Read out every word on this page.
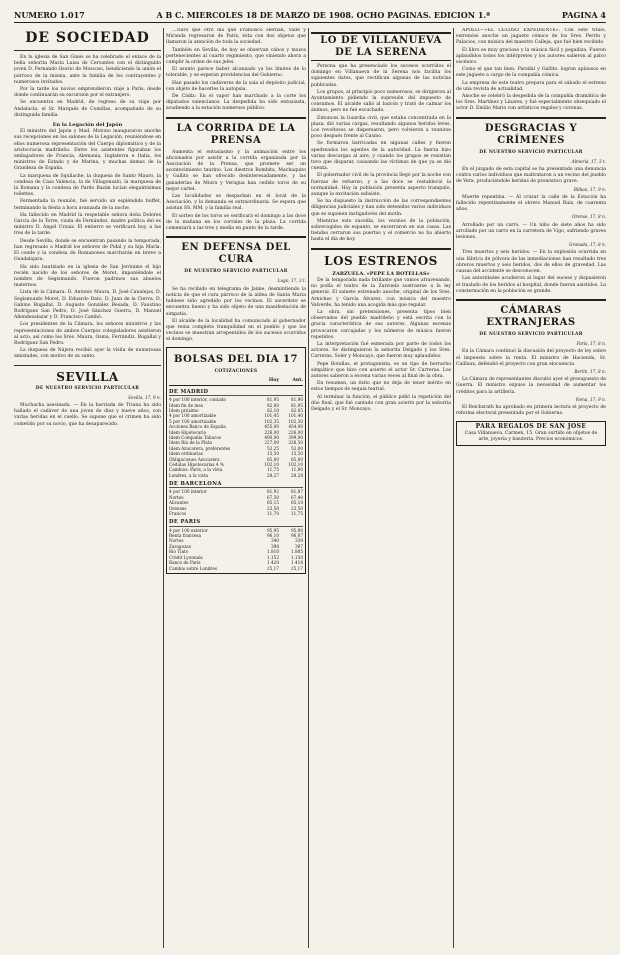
NUMERO 1.017	A B C. MIERCOLES 18 DE MARZO DE 1908. OCHO PAGINAS. EDICION 1.ª	PAGINA 4
DE SOCIEDAD

En la iglesia de San Ginés se ha celebrado el enlace de la bella señorita María Luisa de Cervantes con el distinguido joven D. Fernando Osorio de Moscoso, bendiciendo la unión el párroco de la misma, ante la familia de los contrayentes y numerosos invitados.

Por la tarde los novios emprendieron viaje a París, desde donde continuarán su excursión por el extranjero.

Se encuentra en Madrid, de regreso de su viaje por Andalucía, el Sr. Marqués de Comillas, acompañado de su distinguida familia.

En la Legación del Japón

El ministro del Japón y Mad. Motono inauguraron anoche sus recepciones en los salones de la Legación, reuniéndose en ellos numerosa representación del Cuerpo diplomático y de la aristocracia madrileña. Entre los asistentes figuraban los embajadores de Francia, Alemania, Inglaterra e Italia, los ministros de Estado y de Marina, y muchas damas de la Grandeza de España.

La marquesa de Squilache, la duquesa de Santo Mauro, la condesa de Casa Valencia, la de Villagonzalo, la marquesa de la Romana y la condesa de Pardo Bazán lucían elegantísimas toilettes.

Fermentada la reunión, fué servido un espléndido buffet, terminando la fiesta a hora avanzada de la noche.

Ha fallecido en Madrid la respetable señora doña Dolores García de la Torre, viuda de Fernández, madre política del ex ministro D. Ángel Urzaiz. El entierro se verificará hoy, a las tres de la tarde.

Desde Sevilla, donde se encuentran pasando la temporada, han regresado a Madrid los señores de Pidal y su hija María. El conde y la condesa de Romanones marcharán en breve a Guadalajara.

Ha sido bautizado en la iglesia de San Jerónimo el hijo recién nacido de los señores de Moret, imponiéndole el nombre de Segismundo. Fueron padrinos sus abuelos maternos.

Lista de la Cámara: D. Antonio Maura, D. José Canalejas, D. Segismundo Moret, D. Eduardo Dato, D. Juan de la Cierva, D. Gabino Bugallal, D. Augusto González Besada, D. Faustino Rodríguez San Pedro, D. José Sánchez Guerra, D. Manuel Allendesalazar y D. Francisco Cambó.

Los presidentes de la Cámara, los señores ministros y las representaciones de ambos Cuerpos colegisladores asistieron al acto, así como los Sres. Maura, Osma, Ferrándiz, Bugallal y Rodríguez San Pedro.

La duquesa de Nájera recibió ayer la visita de numerosas amistades, con motivo de su santo.

SEVILLA
DE NUESTRO SERVICIO PARTICULAR
Sevilla, 17, 9 n.

Muchacha asesinada. — En la barriada de Triana ha sido hallado el cadáver de una joven de diez y nueve años, con varias heridas en el cuello. Se supone que el crimen ha sido cometido por su novio, que ha desaparecido.

…claro que otro día que Francisco Hernán, Valle y Miranda regresaron de París, ésta con dos objetos que llamaron la atención de toda la sociedad.

También en Sevilla, de hoy se observan cabos y mozos pertenecientes al cuarto regimiento, que viniendo ahora a cumplir la orden de sus jefes.

El asunto parece haber alcanzado ya los límites de lo tolerable, y se esperan providencias del Gobierno.

Han pasado los cadáveres de la sala al depósito judicial, con objeto de hacerles la autopsia.

De Cádiz: En el vapor han marchado a la corte los diputados valencianos. La despedida ha sido entusiasta, acudiendo a la estación numeroso público.

LA CORRIDA DE LA PRENSA

Aumenta el entusiasmo y la animación entre los aficionados por asistir a la corrida organizada por la Asociación de la Prensa, que promete ser un acontecimiento taurino. Los diestros Bombita, Machaquito y Gallito se han ofrecido desinteresadamente, y las ganaderías de Miura y Veragua han cedido toros de su mejor cartel.

Las localidades se despachan en el local de la Asociación, y la demanda es extraordinaria. Se espera que asistan SS. MM. y la familia real.

El sorteo de los toros se verificará el domingo a las doce de la mañana en los corrales de la plaza. La corrida comenzará a las tres y media en punto de la tarde.

EN DEFENSA DEL CURA
DE NUESTRO SERVICIO PARTICULAR
Lugo, 17, 3 t.

Se ha recibido en telegrama de Jaime, desmintiendo la noticia de que el cura párroco de la aldea de Santa María hubiese sido agredido por los vecinos. El sacerdote se encuentra bueno y ha sido objeto de una manifestación de simpatía.

El alcalde de la localidad ha comunicado al gobernador que reina completa tranquilidad en el pueblo y que los vecinos se muestran arrepentidos de los sucesos ocurridos el domingo.

BOLSAS DEL DIA 17
COTIZACIONES
Hoy	Ant.
DE MADRID
4 por 100 interior, contado	81,95	81,90
Idem fin de mes	82,00	81,95
Idem próximo	82,10	82,05
4 por 100 amortizable	101,45	101,40
5 por 100 amortizable	102,35	102,30
Acciones Banco de España	455,00	454,00
Idem Hipotecario	226,00	226,00
Idem Compañía Tabacos	400,00	399,00
Idem Río de la Plata	227,00	226,50
Idem Azucarera, preferentes	52,25	52,00
Idem ordinarias	15,50	15,50
Obligaciones Azucarera	85,00	85,00
Cédulas Hipotecarias 4 %	102,10	102,10
Cambios: París, a la vista	11,75	11,80
Londres, a la vista	28,27	28,28
DE BARCELONA
4 por 100 interior	81,92	81,87
Nortes	67,50	67,40
Alicantes	85,15	85,10
Orenses	23,50	23,50
Francos	11,70	11,75
DE PARIS
4 por 100 exterior	95,95	95,90
Renta francesa	96,10	96,07
Nortes	340	339
Zaragozas	398	397
Río Tinto	1.810	1.805
Crédit Lyonnais	1.152	1.150
Banco de París	1.420	1.418
Cambio sobre Londres	25,17	25,17
LO DE VILLANUEVA DE LA SERENA

Persona que ha presenciado los sucesos ocurridos el domingo en Villanueva de la Serena nos facilita los siguientes datos, que rectifican algunas de las noticias publicadas.

Los grupos, al principio poco numerosos, se dirigieron al Ayuntamiento pidiendo la supresión del impuesto de consumos. El alcalde salió al balcón y trató de calmar los ánimos, pero no fué escuchado.

Entonces la Guardia civil, que estaba concentrada en la plaza, dió varias cargas, resultando algunos heridos leves. Los revoltosos se dispersaron, pero volvieron a reunirse poco después frente al Casino.

Se formaron barricadas en algunas calles y fueron apedreados los agentes de la autoridad. La fuerza hizo varias descargas al aire, y cuando los grupos se resistían tuvo que disparar, causando las víctimas de que ya se dió cuenta.

El gobernador civil de la provincia llegó por la noche con fuerzas de refuerzo, y a las doce se restableció la normalidad. Hoy la población presenta aspecto tranquilo, aunque la excitación subsiste.

Se ha dispuesto la instrucción de las correspondientes diligencias judiciales y han sido detenidos varios individuos que se suponen instigadores del motín.

Mientras esto sucedía, los vecinos de la población, sobrecogidos de espanto, se encerraron en sus casas. Las tiendas cerraron sus puertas y el comercio no ha abierto hasta el día de hoy.

LOS ESTRENOS
ZARZUELA. «PEPE LA BOTELLAS»

De la temporada nada brillante que vamos atravesando, no podía el teatro de la Zarzuela sustraerse a la ley general. El sainete estrenado anoche, original de los Sres. Arniches y García Álvarez, con música del maestro Valverde, ha tenido una acogida más que regular.

La obra, sin pretensiones, presenta tipos bien observados del pueblo madrileño y está escrita con la gracia característica de sus autores. Algunas escenas provocaron carcajadas y los números de música fueron repetidos.

La interpretación fué esmerada por parte de todos los actores. Se distinguieron la señorita Delgado y los Sres. Carreras, Soler y Moncayo, que fueron muy aplaudidos.

Pepe Botellas, el protagonista, es un tipo de borracho simpático que hizo con acierto el actor Sr. Carreras. Los autores salieron a escena varias veces al final de la obra.

En resumen, un éxito que no deja de tener mérito en estos tiempos de sequía teatral.

Al terminar la función, el público pidió la repetición del dúo final, que fué cantado con gran acierto por la señorita Delgado y el Sr. Moncayo.

APOLO.—«EL CELOSO EXPEDIENTE». Con este título, estrenóse anoche un juguete cómico de los Sres. Perrín y Palacios, con música del maestro Calleja, que fué bien recibido.

El libro es muy gracioso y la música fácil y pegadiza. Fueron aplaudidos todos los intérpretes y los autores salieron al palco escénico.

Como el que tan bien, Parsifal y Gallito, logran aplausos en este juguete a cargo de la compañía cómica.

La empresa de este teatro prepara para el sábado el estreno de una revista de actualidad.

Anoche se celebró la despedida de la compañía dramática de los Sres. Martínez y Linares, y fué especialmente obsequiado el actor D. Emilio Mario con artísticos regalos y coronas.

DESGRACIAS Y CRÍMENES
DE NUESTRO SERVICIO PARTICULAR
Almería, 17, 3 t.

En el juzgado de esta capital se ha presentado una denuncia contra varios individuos que maltrataron a un vecino del pueblo de Vera, produciéndole heridas de pronóstico grave.

Bilbao, 17, 9 n.

Muerte repentina. — Al cruzar la calle de la Estación ha fallecido repentinamente el obrero Manuel Ruiz, de cuarenta años.

Orense, 17, 8 n.

Arrollado por un carro. — Un niño de siete años ha sido arrollado por un carro en la carretera de Vigo, sufriendo graves lesiones.

Granada, 17, 8 n.

Tres muertos y seis heridos. — En la explosión ocurrida en una fábrica de pólvora de las inmediaciones han resultado tres obreros muertos y seis heridos, dos de ellos de gravedad. Las causas del accidente se desconocen.

Las autoridades acudieron al lugar del suceso y dispusieron el traslado de los heridos al hospital, donde fueron asistidos. La consternación en la población es grande.

CÁMARAS EXTRANJERAS
DE NUESTRO SERVICIO PARTICULAR
París, 17, 8 n.

En la Cámara continuó la discusión del proyecto de ley sobre el impuesto sobre la renta. El ministro de Hacienda, Sr. Caillaux, defendió el proyecto con gran elocuencia.

Berlín, 17, 8 n.

La Cámara de representantes discutió ayer el presupuesto de Guerra. El ministro expuso la necesidad de aumentar los créditos para la artillería.

Viena, 17, 9 n.

El Reichsrath ha aprobado en primera lectura el proyecto de reforma electoral presentado por el Gobierno.

PARA REGALOS DE SAN JOSE
Casa Villanueva, Carmen, 15. Gran surtido en objetos de arte, joyería y bisutería. Precios económicos.
